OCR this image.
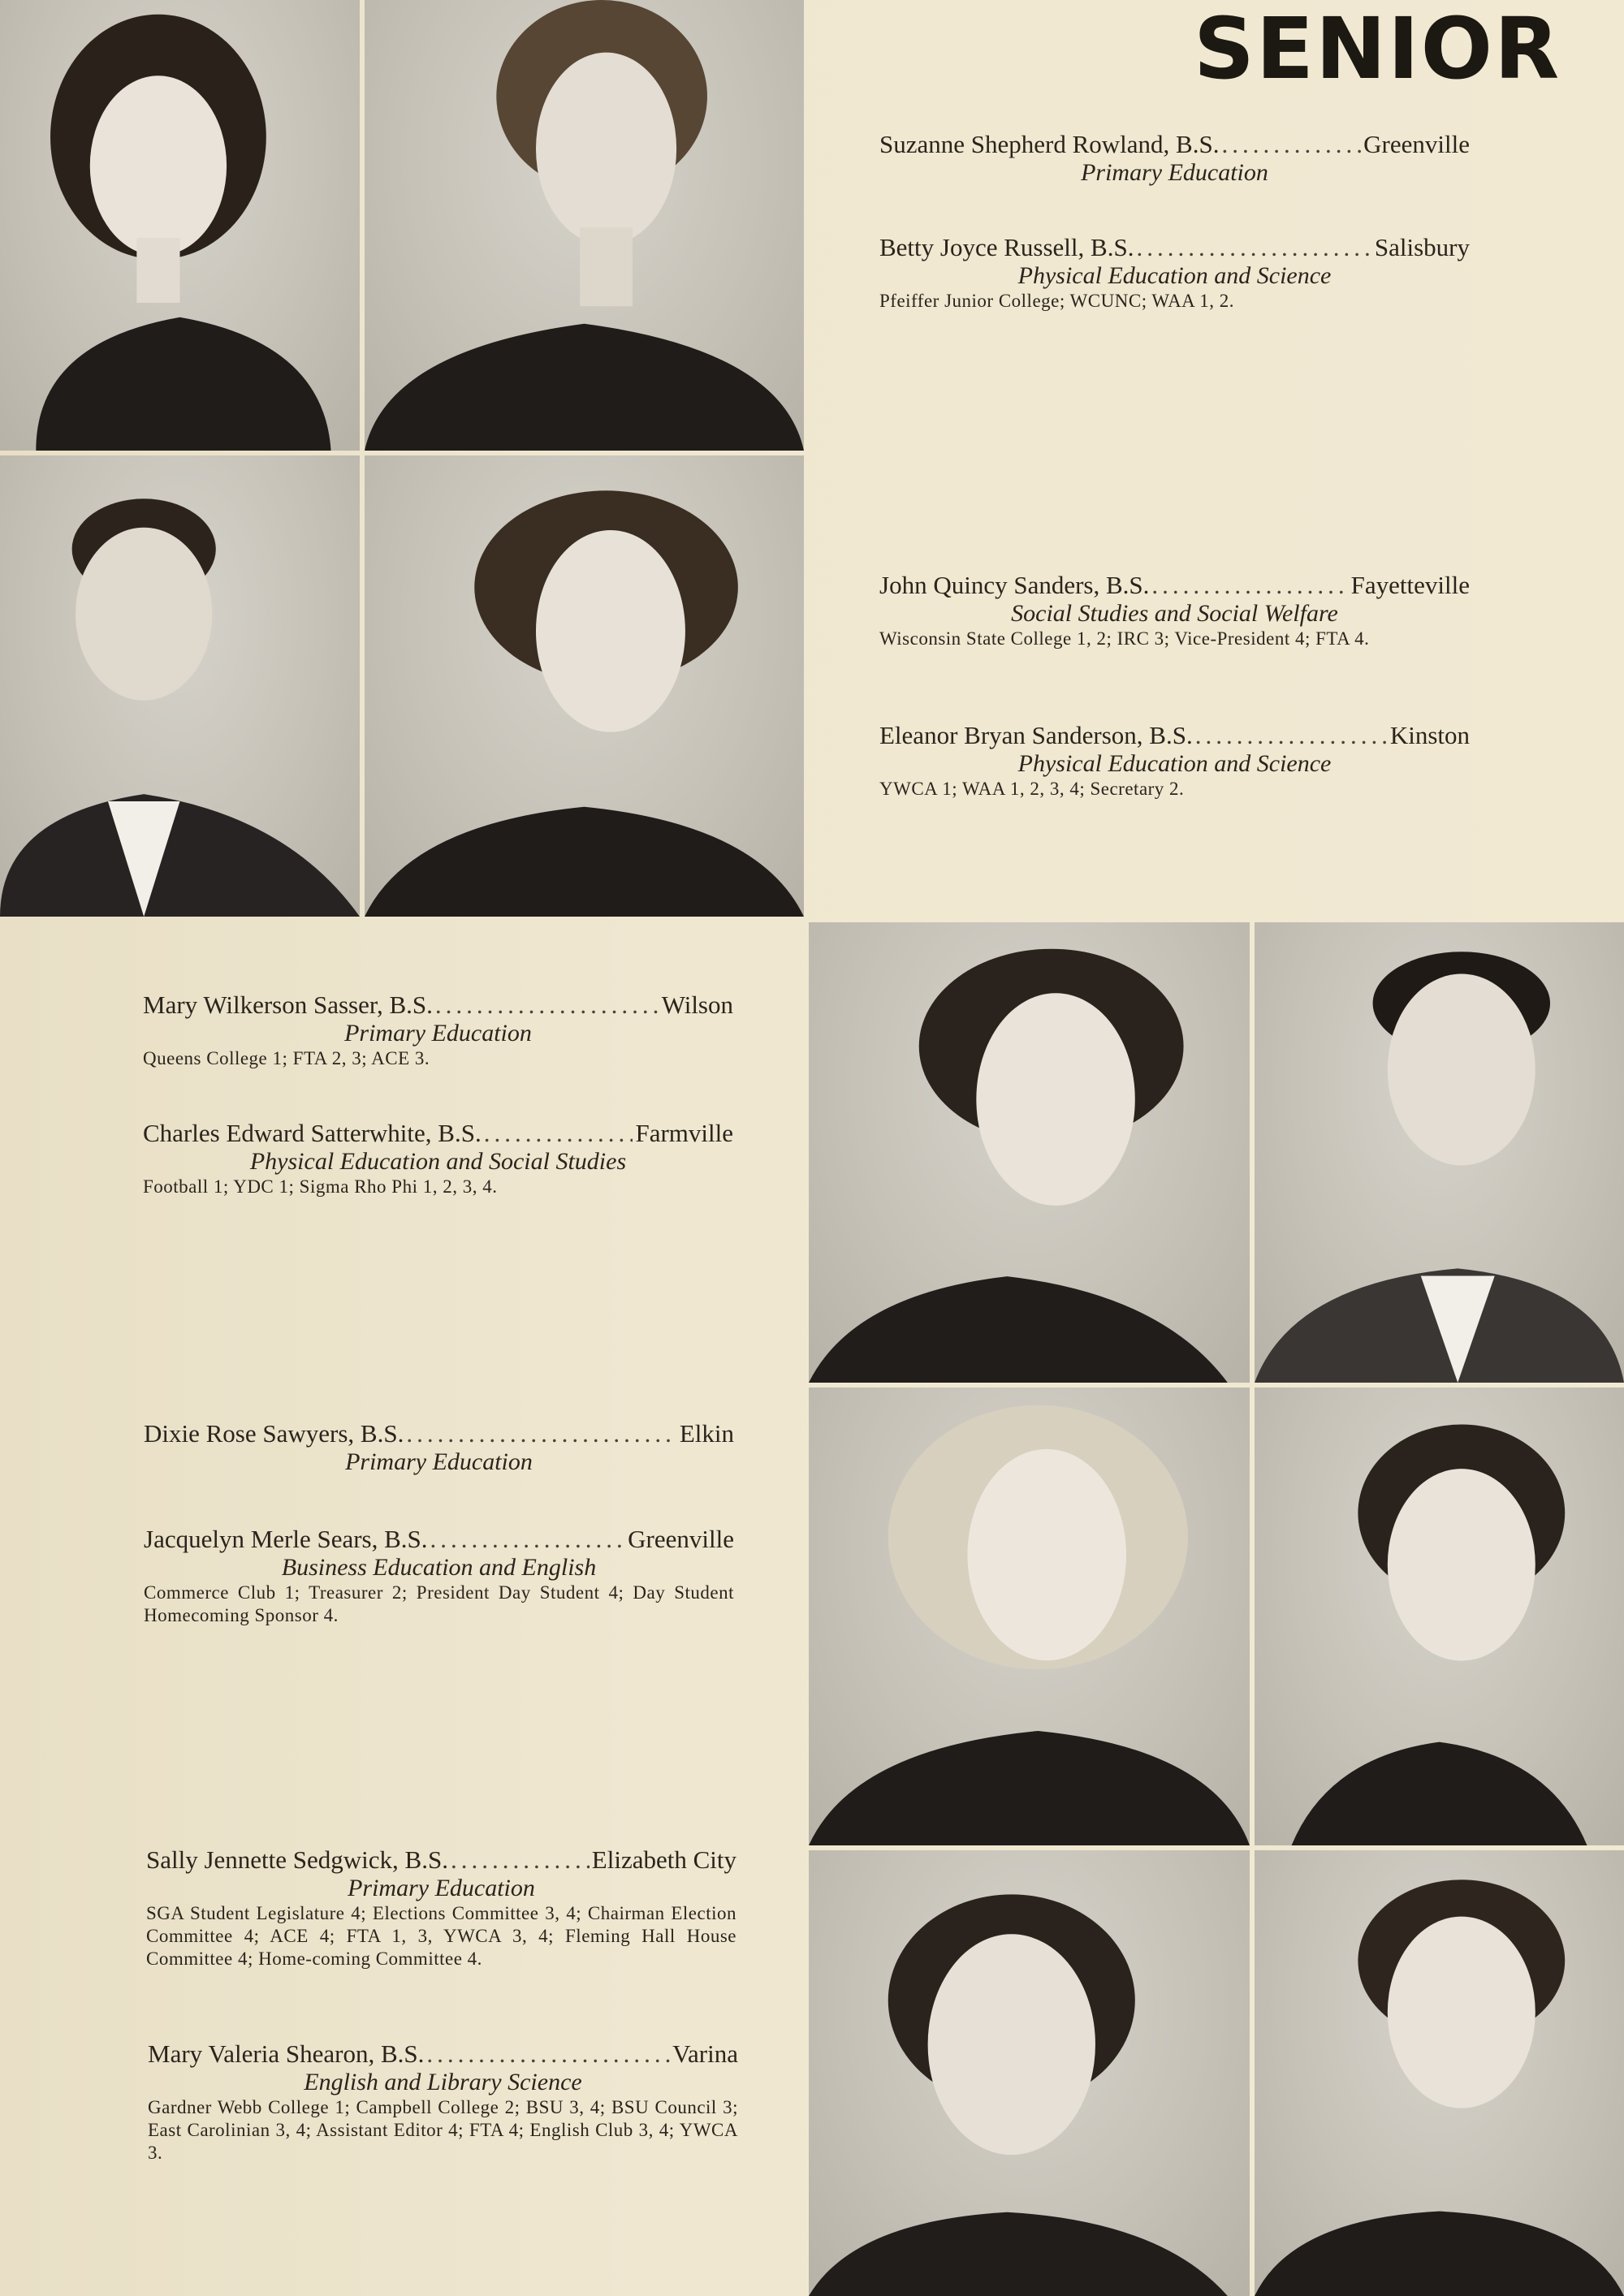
SENIOR
Suzanne Shepherd Rowland, B.S. .....	Greenville
Primary Education
Betty Joyce Russell, B.S. .....	Salisbury
Physical Education and Science
Pfeiffer Junior College; WCUNC; WAA 1, 2.
John Quincy Sanders, B.S. .....	Fayetteville
Social Studies and Social Welfare
Wisconsin State College 1, 2; IRC 3; Vice-President 4; FTA 4.
Eleanor Bryan Sanderson, B.S. .....	Kinston
Physical Education and Science
YWCA 1; WAA 1, 2, 3, 4; Secretary 2.
Mary Wilkerson Sasser, B.S. .....	Wilson
Primary Education
Queens College 1; FTA 2, 3; ACE 3.
Charles Edward Satterwhite, B.S. .....	Farmville
Physical Education and Social Studies
Football 1; YDC 1; Sigma Rho Phi 1, 2, 3, 4.
Dixie Rose Sawyers, B.S. .....	Elkin
Primary Education
Jacquelyn Merle Sears, B.S. .....	Greenville
Business Education and English
Commerce Club 1; Treasurer 2; President Day Student 4; Day Student Homecoming Sponsor 4.
Sally Jennette Sedgwick, B.S. .....	Elizabeth City
Primary Education
SGA Student Legislature 4; Elections Committee 3, 4; Chairman Election Committee 4; ACE 4; FTA 1, 3, YWCA 3, 4; Fleming Hall House Committee 4; Home-coming Committee 4.
Mary Valeria Shearon, B.S. .....	Varina
English and Library Science
Gardner Webb College 1; Campbell College 2; BSU 3, 4; BSU Council 3; East Carolinian 3, 4; Assistant Editor 4; FTA 4; English Club 3, 4; YWCA 3.
